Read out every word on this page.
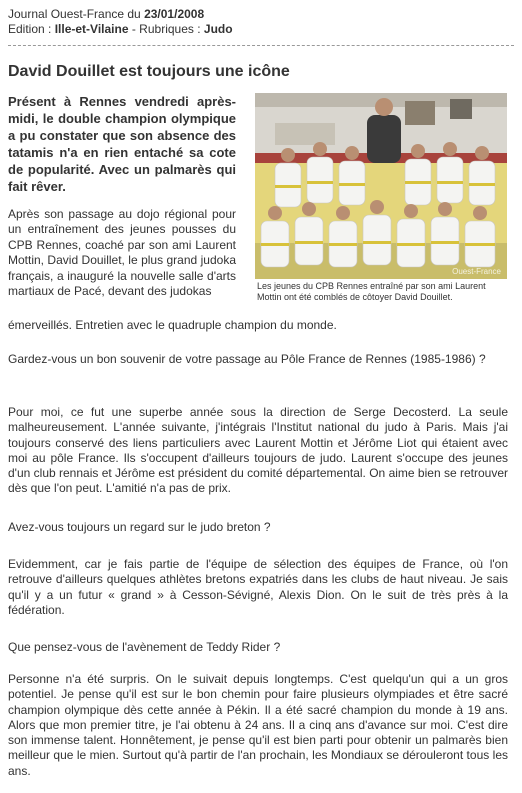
Journal Ouest-France du 23/01/2008
Edition : Ille-et-Vilaine - Rubriques : Judo
David Douillet est toujours une icône

Présent à Rennes vendredi après-midi, le double champion olympique a pu constater que son absence des tatamis n'a en rien entaché sa cote de popularité. Avec un palmarès qui fait rêver.

Ouest-France
Les jeunes du CPB Rennes entraîné par son ami Laurent Mottin ont été comblés de côtoyer David Douillet.

Après son passage au dojo régional pour un entraînement des jeunes pousses du CPB Rennes, coaché par son ami Laurent Mottin, David Douillet, le plus grand judoka français, a inauguré la nouvelle salle d'arts martiaux de Pacé, devant des judokas

émerveillés. Entretien avec le quadruple champion du monde.

Gardez-vous un bon souvenir de votre passage au Pôle France de Rennes (1985-1986) ?

Pour moi, ce fut une superbe année sous la direction de Serge Decosterd. La seule malheureusement. L'année suivante, j'intégrais l'Institut national du judo à Paris. Mais j'ai toujours conservé des liens particuliers avec Laurent Mottin et Jérôme Liot qui étaient avec moi au pôle France. Ils s'occupent d'ailleurs toujours de judo. Laurent s'occupe des jeunes d'un club rennais et Jérôme est président du comité départemental. On aime bien se retrouver dès que l'on peut. L'amitié n'a pas de prix.

Avez-vous toujours un regard sur le judo breton ?

Evidemment, car je fais partie de l'équipe de sélection des équipes de France, où l'on retrouve d'ailleurs quelques athlètes bretons expatriés dans les clubs de haut niveau. Je sais qu'il y a un futur « grand » à Cesson-Sévigné, Alexis Dion. On le suit de très près à la fédération.

Que pensez-vous de l'avènement de Teddy Rider ?

Personne n'a été surpris. On le suivait depuis longtemps. C'est quelqu'un qui a un gros potentiel. Je pense qu'il est sur le bon chemin pour faire plusieurs olympiades et être sacré champion olympique dès cette année à Pékin. Il a été sacré champion du monde à 19 ans. Alors que mon premier titre, je l'ai obtenu à 24 ans. Il a cinq ans d'avance sur moi. C'est dire son immense talent. Honnêtement, je pense qu'il est bien parti pour obtenir un palmarès bien meilleur que le mien. Surtout qu'à partir de l'an prochain, les Mondiaux se dérouleront tous les ans.
